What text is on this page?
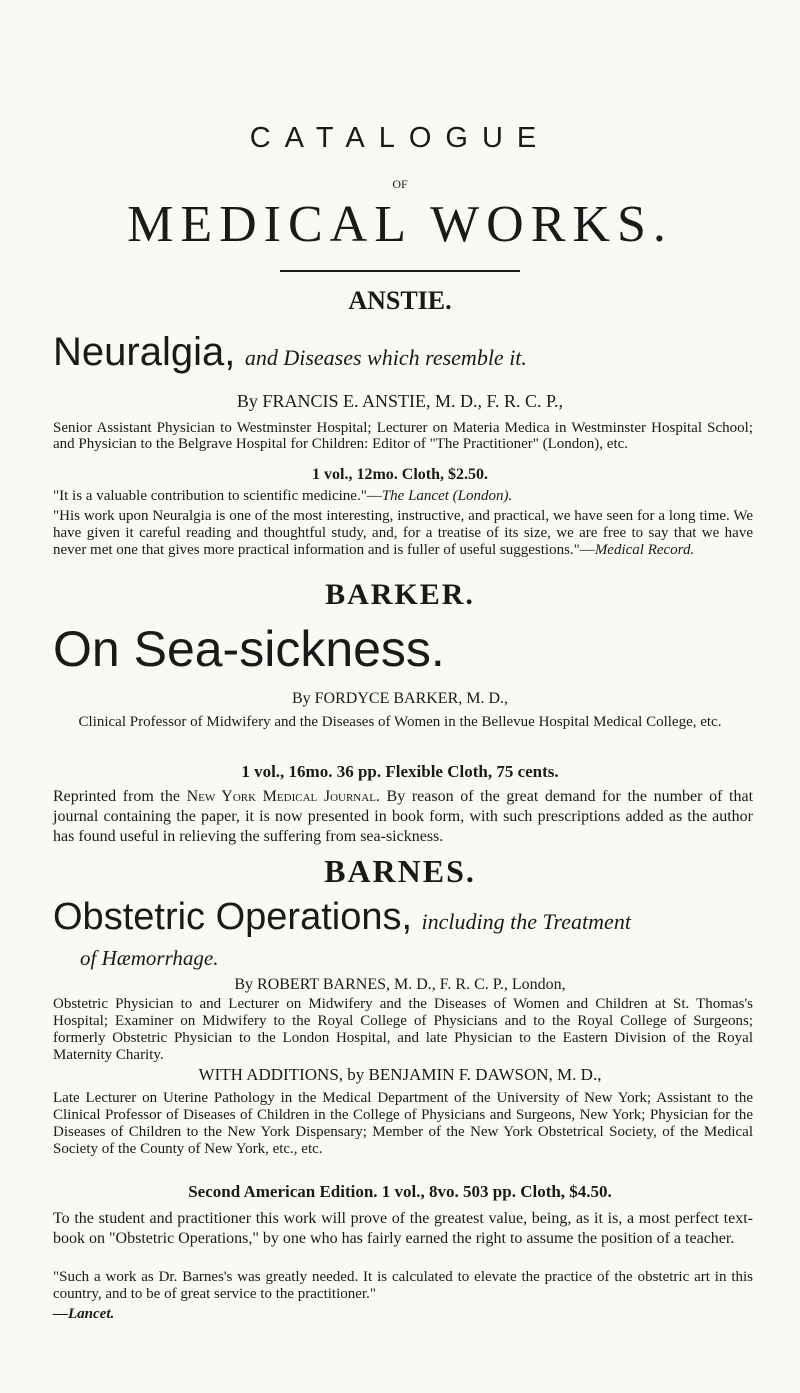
CATALOGUE
OF
MEDICAL WORKS.
ANSTIE.
Neuralgia, and Diseases which resemble it.
By FRANCIS E. ANSTIE, M. D., F. R. C. P.,
Senior Assistant Physician to Westminster Hospital; Lecturer on Materia Medica in Westminster Hospital School; and Physician to the Belgrave Hospital for Children: Editor of "The Practitioner" (London), etc.
1 vol., 12mo. Cloth, $2.50.
"It is a valuable contribution to scientific medicine."—The Lancet (London).
"His work upon Neuralgia is one of the most interesting, instructive, and practical, we have seen for a long time. We have given it careful reading and thoughtful study, and, for a treatise of its size, we are free to say that we have never met one that gives more practical information and is fuller of useful suggestions."—Medical Record.
BARKER.
On Sea-sickness.
By FORDYCE BARKER, M. D.,
Clinical Professor of Midwifery and the Diseases of Women in the Bellevue Hospital Medical College, etc.
1 vol., 16mo. 36 pp. Flexible Cloth, 75 cents.
Reprinted from the New York Medical Journal. By reason of the great demand for the number of that journal containing the paper, it is now presented in book form, with such prescriptions added as the author has found useful in relieving the suffering from sea-sickness.
BARNES.
Obstetric Operations, including the Treatment
of Hæmorrhage.
By ROBERT BARNES, M. D., F. R. C. P., London,
Obstetric Physician to and Lecturer on Midwifery and the Diseases of Women and Children at St. Thomas's Hospital; Examiner on Midwifery to the Royal College of Physicians and to the Royal College of Surgeons; formerly Obstetric Physician to the London Hospital, and late Physician to the Eastern Division of the Royal Maternity Charity.
WITH ADDITIONS, by BENJAMIN F. DAWSON, M. D.,
Late Lecturer on Uterine Pathology in the Medical Department of the University of New York; Assistant to the Clinical Professor of Diseases of Children in the College of Physicians and Surgeons, New York; Physician for the Diseases of Children to the New York Dispensary; Member of the New York Obstetrical Society, of the Medical Society of the County of New York, etc., etc.
Second American Edition. 1 vol., 8vo. 503 pp. Cloth, $4.50.
To the student and practitioner this work will prove of the greatest value, being, as it is, a most perfect text-book on "Obstetric Operations," by one who has fairly earned the right to assume the position of a teacher.
"Such a work as Dr. Barnes's was greatly needed. It is calculated to elevate the practice of the obstetric art in this country, and to be of great service to the practitioner."
—Lancet.
